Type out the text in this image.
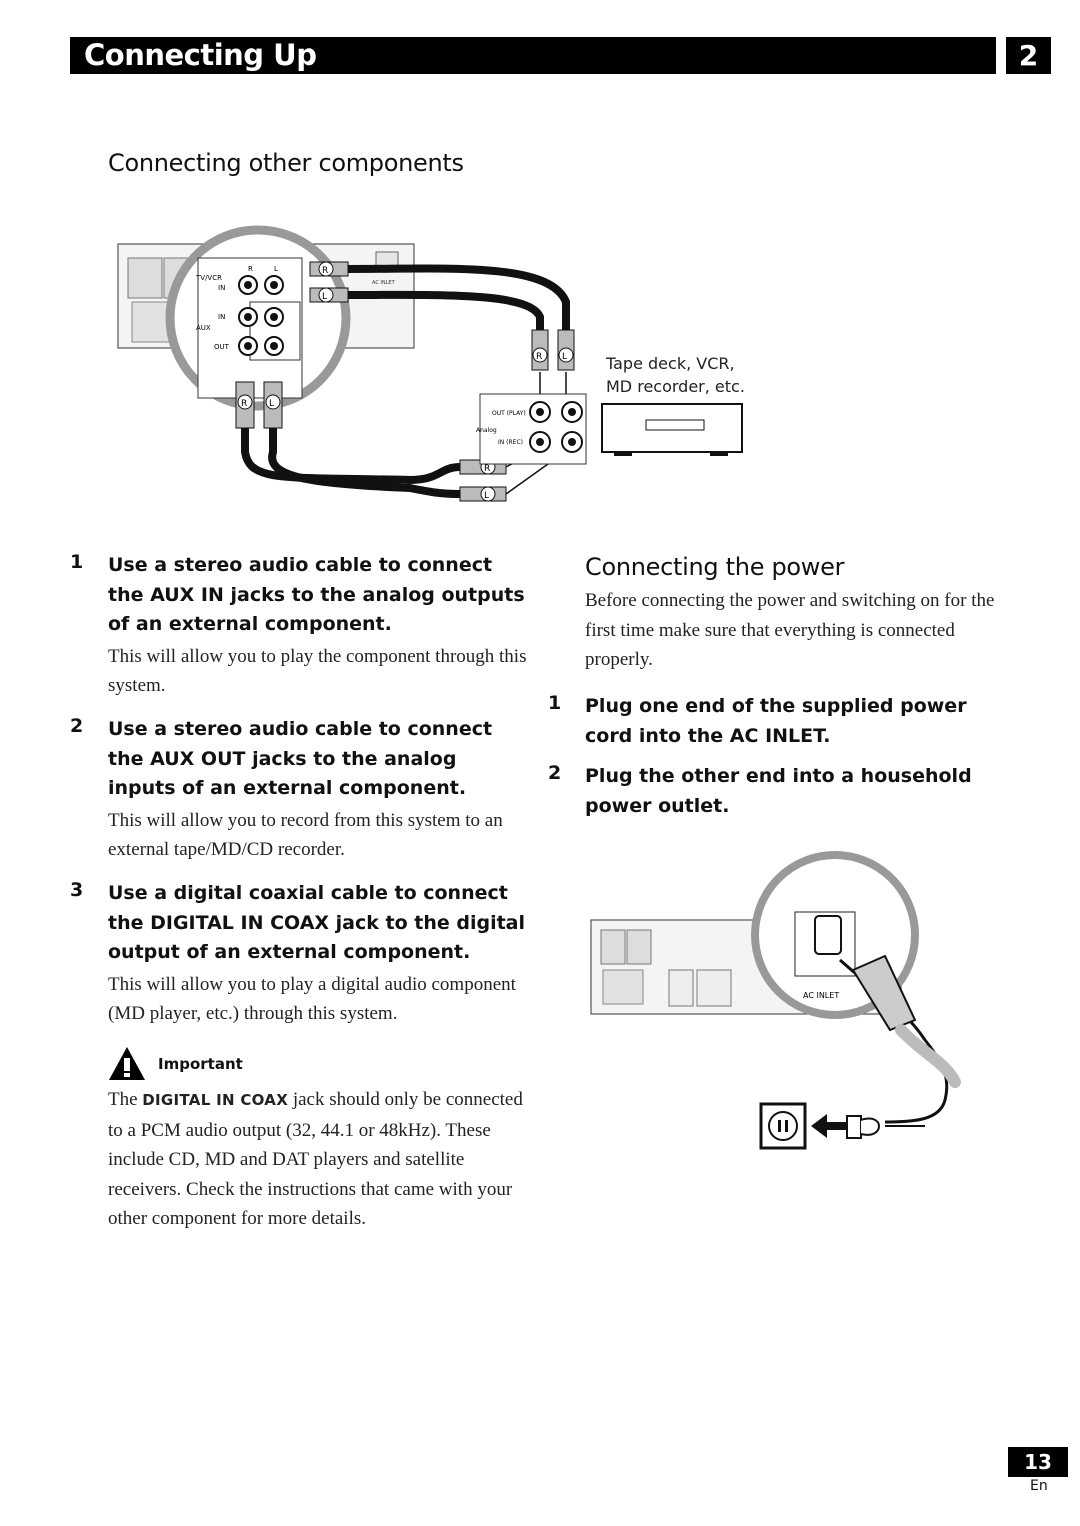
Connecting Up	2
Connecting other components
AC INLET
R	L
TV/VCR
IN
IN
AUX
OUT
R
L
R L
R L
R
L
OUT (PLAY)
Analog
IN (REC)
Tape deck, VCR,
MD recorder, etc.
1 Use a stereo audio cable to connect the AUX IN jacks to the analog outputs of an external component.
This will allow you to play the component through this system.
2 Use a stereo audio cable to connect the AUX OUT jacks to the analog inputs of an external component.
This will allow you to record from this system to an external tape/MD/CD recorder.
3 Use a digital coaxial cable to connect the DIGITAL IN COAX jack to the digital output of an external component.
This will allow you to play a digital audio component (MD player, etc.) through this system.
Important
The DIGITAL IN COAX jack should only be connected to a PCM audio output (32, 44.1 or 48kHz). These include CD, MD and DAT players and satellite receivers. Check the instructions that came with your other component for more details.
Connecting the power
Before connecting the power and switching on for the first time make sure that everything is connected properly.
1 Plug one end of the supplied power cord into the AC INLET.
2 Plug the other end into a household power outlet.
AC INLET
13
En
